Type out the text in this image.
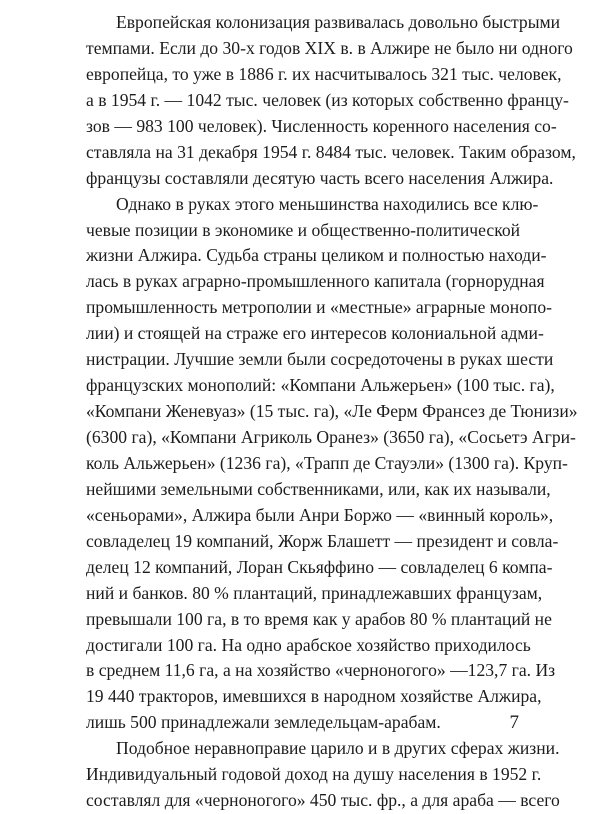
Европейская колонизация развивалась довольно быстрыми
темпами. Если до 30-х годов XIX в. в Алжире не было ни одного
европейца, то уже в 1886 г. их насчитывалось 321 тыс. человек,
а в 1954 г. — 1042 тыс. человек (из которых собственно францу-
зов — 983 100 человек). Численность коренного населения со-
ставляла на 31 декабря 1954 г. 8484 тыс. человек. Таким образом,
французы составляли десятую часть всего населения Алжира.
Однако в руках этого меньшинства находились все клю-
чевые позиции в экономике и общественно-политической
жизни Алжира. Судьба страны целиком и полностью находи-
лась в руках аграрно-промышленного капитала (горнорудная
промышленность метрополии и «местные» аграрные монопо-
лии) и стоящей на страже его интересов колониальной адми-
нистрации. Лучшие земли были сосредоточены в руках шести
французских монополий: «Компани Альжерьен» (100 тыс. га),
«Компани Женевуаз» (15 тыс. га), «Ле Ферм Франсез де Тюнизи»
(6300 га), «Компани Агриколь Оранез» (3650 га), «Сосьетэ Агри-
коль Альжерьен» (1236 га), «Трапп де Стауэли» (1300 га). Круп-
нейшими земельными собственниками, или, как их называли,
«сеньорами», Алжира были Анри Боржо — «винный король»,
совладелец 19 компаний, Жорж Блашетт — президент и совла-
делец 12 компаний, Лоран Скьяффино — совладелец 6 компа-
ний и банков. 80 % плантаций, принадлежавших французам,
превышали 100 га, в то время как у арабов 80 % плантаций не
достигали 100 га. На одно арабское хозяйство приходилось
в среднем 11,6 га, а на хозяйство «черноногого» —123,7 га. Из
19 440 тракторов, имевшихся в народном хозяйстве Алжира,
лишь 500 принадлежали земледельцам-арабам.
Подобное неравноправие царило и в других сферах жизни.
Индивидуальный годовой доход на душу населения в 1952 г.
составлял для «черноногого» 450 тыс. фр., а для араба — всего
7
